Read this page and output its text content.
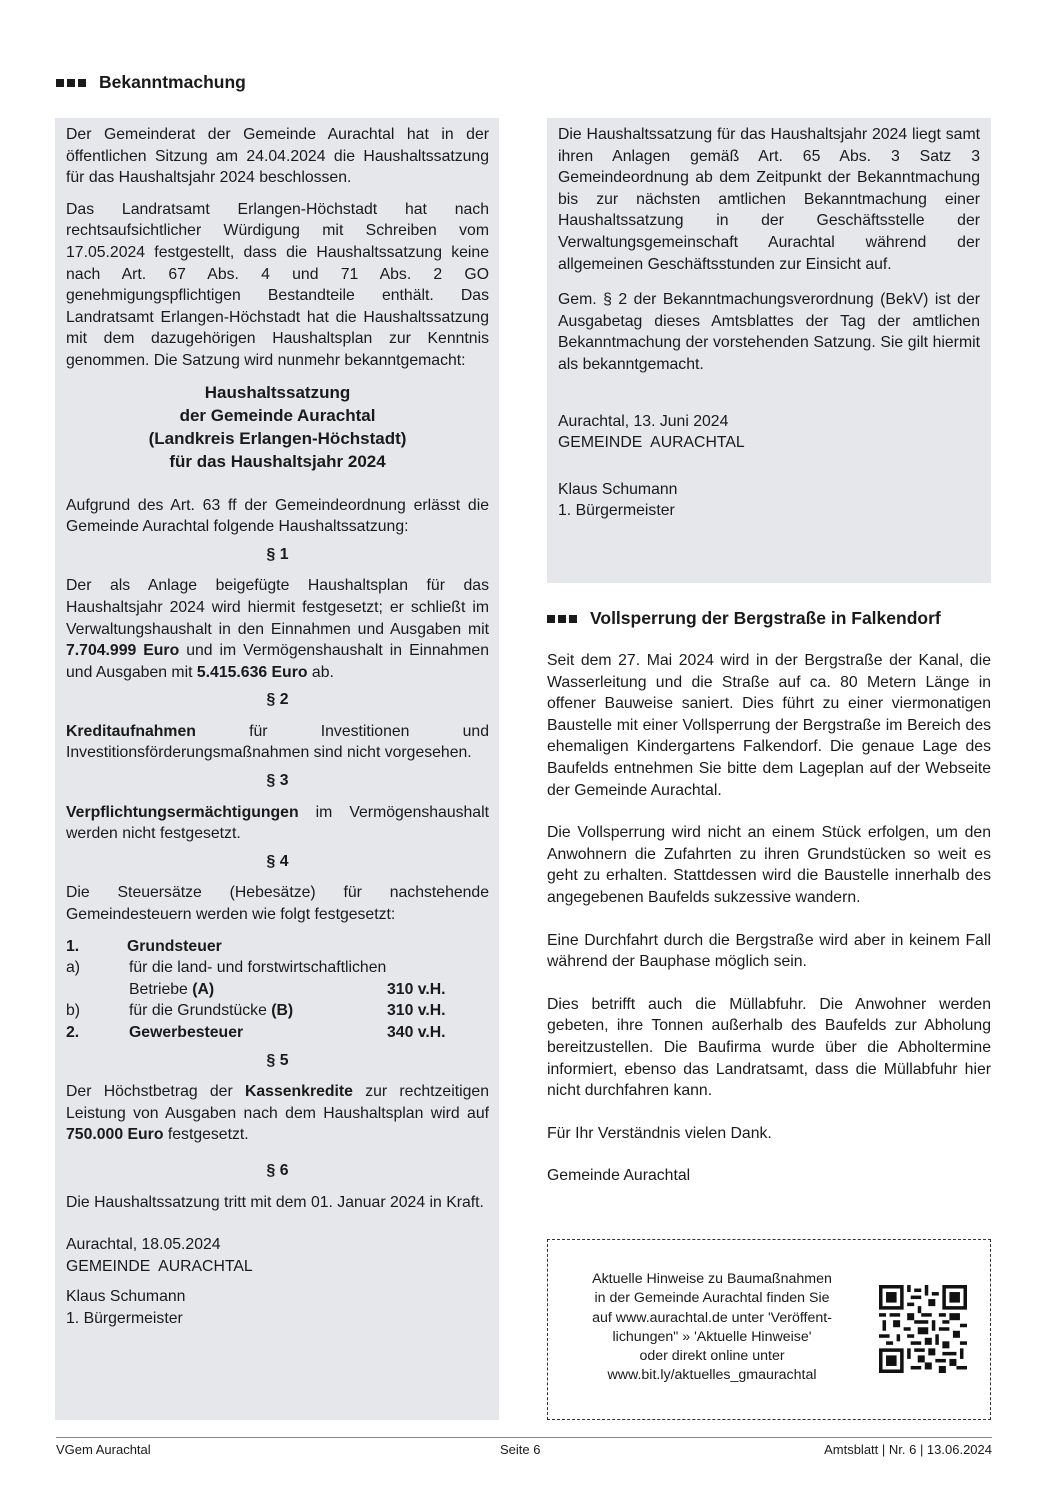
Bekanntmachung

Der Gemeinderat der Gemeinde Aurachtal hat in der öffentlichen Sitzung am 24.04.2024 die Haushaltssatzung für das Haushaltsjahr 2024 beschlossen.

Das Landratsamt Erlangen-Höchstadt hat nach rechtsaufsichtlicher Würdigung mit Schreiben vom 17.05.2024 festgestellt, dass die Haushaltssatzung keine nach Art. 67 Abs. 4 und 71 Abs. 2 GO genehmigungspflichtigen Bestandteile enthält. Das Landratsamt Erlangen-Höchstadt hat die Haushaltssatzung mit dem dazugehörigen Haushaltsplan zur Kenntnis genommen. Die Satzung wird nunmehr bekanntgemacht:

Haushaltssatzung

der Gemeinde Aurachtal

(Landkreis Erlangen-Höchstadt)

für das Haushaltsjahr 2024

Aufgrund des Art. 63 ff der Gemeindeordnung erlässt die Gemeinde Aurachtal folgende Haushaltssatzung:

§ 1

Der als Anlage beigefügte Haushaltsplan für das Haushaltsjahr 2024 wird hiermit festgesetzt; er schließt im Verwaltungshaushalt in den Einnahmen und Ausgaben mit 7.704.999 Euro und im Vermögenshaushalt in Einnahmen und Ausgaben mit 5.415.636 Euro ab.

§ 2

Kreditaufnahmen für Investitionen und Investitionsförderungsmaßnahmen sind nicht vorgesehen.

§ 3

Verpflichtungsermächtigungen im Vermögenshaushalt werden nicht festgesetzt.

§ 4

Die Steuersätze (Hebesätze) für nachstehende Gemeindesteuern werden wie folgt festgesetzt:

1.	Grundsteuer
a)	für die land- und forstwirtschaftlichen
Betriebe (A)	310 v.H.
b)	für die Grundstücke (B)	310 v.H.
2.	Gewerbesteuer	340 v.H.

§ 5

Der Höchstbetrag der Kassenkredite zur rechtzeitigen Leistung von Ausgaben nach dem Haushaltsplan wird auf 750.000 Euro festgesetzt.

§ 6

Die Haushaltssatzung tritt mit dem 01. Januar 2024 in Kraft.

Aurachtal, 18.05.2024

GEMEINDE  AURACHTAL

Klaus Schumann

1. Bürgermeister

Die Haushaltssatzung für das Haushaltsjahr 2024 liegt samt ihren Anlagen gemäß Art. 65 Abs. 3 Satz 3 Gemeindeordnung ab dem Zeitpunkt der Bekanntmachung bis zur nächsten amtlichen Bekanntmachung einer Haushaltssatzung in der Geschäftsstelle der Verwaltungsgemeinschaft Aurachtal während der allgemeinen Geschäftsstunden zur Einsicht auf.

Gem. § 2 der Bekanntmachungsverordnung (BekV) ist der Ausgabetag dieses Amtsblattes der Tag der amtlichen Bekanntmachung der vorstehenden Satzung. Sie gilt hiermit als bekanntgemacht.

Aurachtal, 13. Juni 2024

GEMEINDE  AURACHTAL

Klaus Schumann

1. Bürgermeister

Vollsperrung der Bergstraße in Falkendorf

Seit dem 27. Mai 2024 wird in der Bergstraße der Kanal, die Wasserleitung und die Straße auf ca. 80 Metern Länge in offener Bauweise saniert. Dies führt zu einer viermonatigen Baustelle mit einer Vollsperrung der Bergstraße im Bereich des ehemaligen Kindergartens Falkendorf. Die genaue Lage des Baufelds entnehmen Sie bitte dem Lageplan auf der Webseite der Gemeinde Aurachtal.

Die Vollsperrung wird nicht an einem Stück erfolgen, um den Anwohnern die Zufahrten zu ihren Grundstücken so weit es geht zu erhalten. Stattdessen wird die Baustelle innerhalb des angegebenen Baufelds sukzessive wandern.

Eine Durchfahrt durch die Bergstraße wird aber in keinem Fall während der Bauphase möglich sein.

Dies betrifft auch die Müllabfuhr. Die Anwohner werden gebeten, ihre Tonnen außerhalb des Baufelds zur Abholung bereitzustellen. Die Baufirma wurde über die Abholtermine informiert, ebenso das Landratsamt, dass die Müllabfuhr hier nicht durchfahren kann.

Für Ihr Verständnis vielen Dank.

Gemeinde Aurachtal

Aktuelle Hinweise zu Baumaßnahmen
in der Gemeinde Aurachtal finden Sie
auf www.aurachtal.de unter 'Veröffent-
lichungen" » 'Aktuelle Hinweise'
oder direkt online unter
www.bit.ly/aktuelles_gmaurachtal
VGem Aurachtal	Seite 6	Amtsblatt | Nr. 6 | 13.06.2024
